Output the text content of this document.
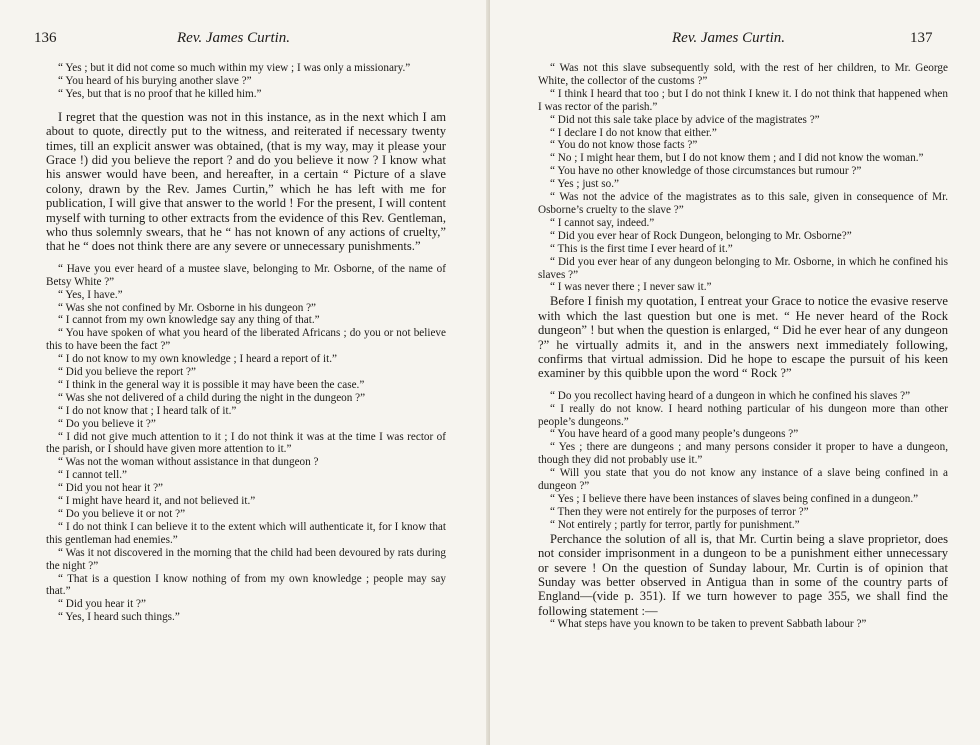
136	Rev. James Curtin.

“ Yes ; but it did not come so much within my view ; I was only a missionary.”

“ You heard of his burying another slave ?”

“ Yes, but that is no proof that he killed him.”

I regret that the question was not in this instance, as in the next which I am about to quote, directly put to the witness, and reiterated if necessary twenty times, till an explicit answer was obtained, (that is my way, may it please your Grace !) did you believe the report ? and do you believe it now ? I know what his answer would have been, and hereafter, in a certain “ Picture of a slave colony, drawn by the Rev. James Curtin,” which he has left with me for publication, I will give that answer to the world ! For the present, I will content myself with turning to other extracts from the evidence of this Rev. Gentleman, who thus solemnly swears, that he “ has not known of any actions of cruelty,” that he “ does not think there are any severe or unnecessary punishments.”

“ Have you ever heard of a mustee slave, belonging to Mr. Osborne, of the name of Betsy White ?”

“ Yes, I have.”

“ Was she not confined by Mr. Osborne in his dungeon ?”

“ I cannot from my own knowledge say any thing of that.”

“ You have spoken of what you heard of the liberated Africans ; do you or not believe this to have been the fact ?”

“ I do not know to my own knowledge ; I heard a report of it.”

“ Did you believe the report ?”

“ I think in the general way it is possible it may have been the case.”

“ Was she not delivered of a child during the night in the dungeon ?”

“ I do not know that ; I heard talk of it.”

“ Do you believe it ?”

“ I did not give much attention to it ; I do not think it was at the time I was rector of the parish, or I should have given more attention to it.”

“ Was not the woman without assistance in that dungeon ?

“ I cannot tell.”

“ Did you not hear it ?”

“ I might have heard it, and not believed it.”

“ Do you believe it or not ?”

“ I do not think I can believe it to the extent which will authenticate it, for I know that this gentleman had enemies.”

“ Was it not discovered in the morning that the child had been devoured by rats during the night ?”

“ That is a question I know nothing of from my own knowledge ; people may say that.”

“ Did you hear it ?”

“ Yes, I heard such things.”

Rev. James Curtin.	137

“ Was not this slave subsequently sold, with the rest of her children, to Mr. George White, the collector of the customs ?”

“ I think I heard that too ; but I do not think I knew it. I do not think that happened when I was rector of the parish.”

“ Did not this sale take place by advice of the magistrates ?”

“ I declare I do not know that either.”

“ You do not know those facts ?”

“ No ; I might hear them, but I do not know them ; and I did not know the woman.”

“ You have no other knowledge of those circumstances but rumour ?”

“ Yes ; just so.”

“ Was not the advice of the magistrates as to this sale, given in consequence of Mr. Osborne’s cruelty to the slave ?”

“ I cannot say, indeed.”

“ Did you ever hear of Rock Dungeon, belonging to Mr. Osborne?”

“ This is the first time I ever heard of it.”

“ Did you ever hear of any dungeon belonging to Mr. Osborne, in which he confined his slaves ?”

“ I was never there ; I never saw it.”

Before I finish my quotation, I entreat your Grace to notice the evasive reserve with which the last question but one is met. “ He never heard of the Rock dungeon” ! but when the question is enlarged, “ Did he ever hear of any dungeon ?” he virtually admits it, and in the answers next immediately following, confirms that virtual admission. Did he hope to escape the pursuit of his keen examiner by this quibble upon the word “ Rock ?”

“ Do you recollect having heard of a dungeon in which he confined his slaves ?”

“ I really do not know. I heard nothing particular of his dungeon more than other people’s dungeons.”

“ You have heard of a good many people’s dungeons ?”

“ Yes ; there are dungeons ; and many persons consider it proper to have a dungeon, though they did not probably use it.”

“ Will you state that you do not know any instance of a slave being confined in a dungeon ?”

“ Yes ; I believe there have been instances of slaves being confined in a dungeon.”

“ Then they were not entirely for the purposes of terror ?”

“ Not entirely ; partly for terror, partly for punishment.”

Perchance the solution of all is, that Mr. Curtin being a slave proprietor, does not consider imprisonment in a dungeon to be a punishment either unnecessary or severe ! On the question of Sunday labour, Mr. Curtin is of opinion that Sunday was better observed in Antigua than in some of the country parts of England—(vide p. 351). If we turn however to page 355, we shall find the following statement :—

“ What steps have you known to be taken to prevent Sabbath labour ?”
